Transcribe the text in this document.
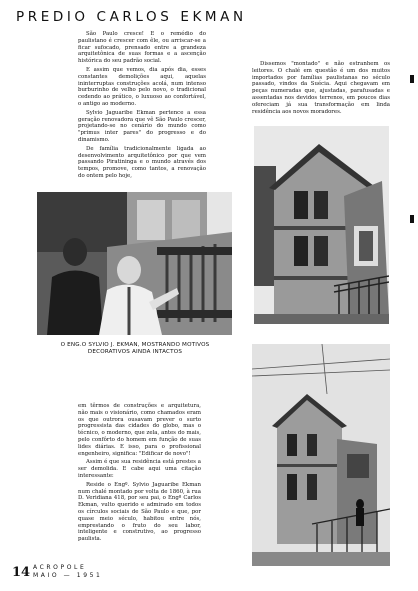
PREDIO CARLOS EKMAN

São Paulo cresce! E o remédio do paulistano é crescer com êle, ou arriscar-se a ficar sufocado, prensado entre a grandeza arquitetônica de suas formas e a ascenção histórica do seu padrão social.

E assim que vemos, dia após dia, esses constantes demolições aqui, aquelas ininterruptas construções acolá, num intenso burburinho de velho pelo novo, o tradicional cedendo ao prático, o luxuoso ao confortável, o antigo ao moderno.

Sylvio Jaguaribe Ekman pertence a essa geração renovadora que vê São Paulo crescer, projetando-se no cenário do mundo como "primus inter pares" do progresso e do dinamismo.

De família tradicionalmente ligada ao desenvolvimento arquitetônico por que vem passando Piratininga e o mundo através dos tempos, promove, como tantos, a renovação do ontem pelo hoje,

Dissemos "montado" e não estranhem os leitores. O chalé em questão é um dos muitos importados por famílias paulistanas no século passado, vindos da Suécia. Aqui chegavam em peças numeradas que, ajustadas, parafusadas e assentadas nos devidos terrenos, em poucos dias ofereciam já sua transformação em linda residência aos novos moradores.

O ENG.O SYLVIO J. EKMAN, MOSTRANDO MOTIVOS DECORATIVOS AINDA INTACTOS

em têrmos de construções e arquitetura, não mais o visionário, como chamados eram os que outrora ousavam prever o surto progressista das cidades do globo, mas o técnico, o moderno, que zela, antes do mais, pelo confôrto do homem em função de suas lides diárias. E isso, para o profissional engenheiro, significa: "Edificar de novo"!

Assim é que sua residência está prestes a ser demolida. E cabe aqui uma citação interessante:

Reside o Engº. Sylvio Jaguaribe Ekman num chalé montado por volta de 1860, à rua D. Veridiana 418, por seu pai, o Engº Carlos Ekman, vulto querido e admirado em todos os círculos sociais de São Paulo e que, por quase meio século, habitou entre nós, emprestando o fruto do seu labor, inteligente e construtivo, ao progresso paulista.

14 ACROPOLE
MAIO — 1951
